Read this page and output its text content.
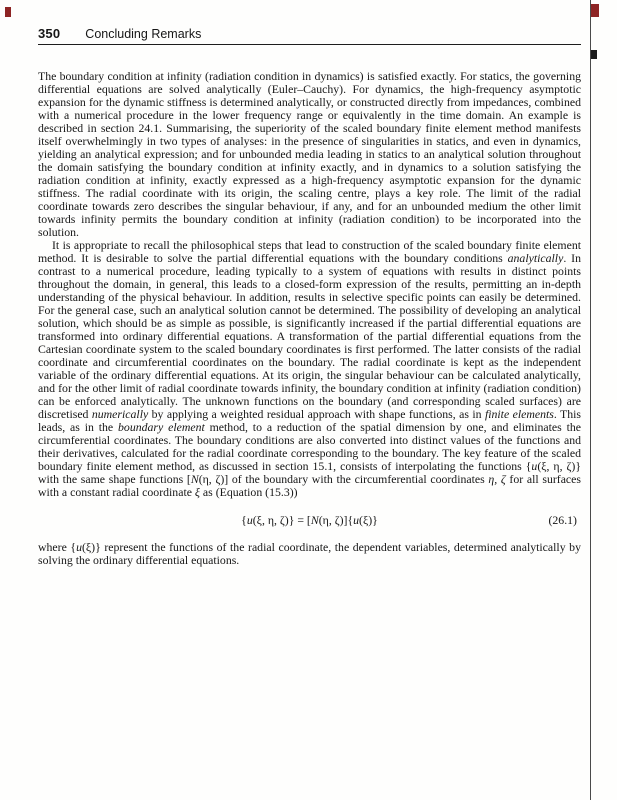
350 Concluding Remarks

The boundary condition at infinity (radiation condition in dynamics) is satisfied exactly. For statics, the governing differential equations are solved analytically (Euler–Cauchy). For dynamics, the high-frequency asymptotic expansion for the dynamic stiffness is determined analytically, or constructed directly from impedances, combined with a numerical procedure in the lower frequency range or equivalently in the time domain. An example is described in section 24.1. Summarising, the superiority of the scaled boundary finite element method manifests itself overwhelmingly in two types of analyses: in the presence of singularities in statics, and even in dynamics, yielding an analytical expression; and for unbounded media leading in statics to an analytical solution throughout the domain satisfying the boundary condition at infinity exactly, and in dynamics to a solution satisfying the radiation condition at infinity, exactly expressed as a high-frequency asymptotic expansion for the dynamic stiffness. The radial coordinate with its origin, the scaling centre, plays a key role. The limit of the radial coordinate towards zero describes the singular behaviour, if any, and for an unbounded medium the other limit towards infinity permits the boundary condition at infinity (radiation condition) to be incorporated into the solution.

It is appropriate to recall the philosophical steps that lead to construction of the scaled boundary finite element method. It is desirable to solve the partial differential equations with the boundary conditions analytically. In contrast to a numerical procedure, leading typically to a system of equations with results in distinct points throughout the domain, in general, this leads to a closed-form expression of the results, permitting an in-depth understanding of the physical behaviour. In addition, results in selective specific points can easily be determined. For the general case, such an analytical solution cannot be determined. The possibility of developing an analytical solution, which should be as simple as possible, is significantly increased if the partial differential equations are transformed into ordinary differential equations. A transformation of the partial differential equations from the Cartesian coordinate system to the scaled boundary coordinates is first performed. The latter consists of the radial coordinate and circumferential coordinates on the boundary. The radial coordinate is kept as the independent variable of the ordinary differential equations. At its origin, the singular behaviour can be calculated analytically, and for the other limit of radial coordinate towards infinity, the boundary condition at infinity (radiation condition) can be enforced analytically. The unknown functions on the boundary (and corresponding scaled surfaces) are discretised numerically by applying a weighted residual approach with shape functions, as in finite elements. This leads, as in the boundary element method, to a reduction of the spatial dimension by one, and eliminates the circumferential coordinates. The boundary conditions are also converted into distinct values of the functions and their derivatives, calculated for the radial coordinate corresponding to the boundary. The key feature of the scaled boundary finite element method, as discussed in section 15.1, consists of interpolating the functions {u(ξ, η, ζ)} with the same shape functions [N(η, ζ)] of the boundary with the circumferential coordinates η, ζ for all surfaces with a constant radial coordinate ξ as (Equation (15.3))

{u(ξ, η, ζ)} = [N(η, ζ)]{u(ξ)}	(26.1)

where {u(ξ)} represent the functions of the radial coordinate, the dependent variables, determined analytically by solving the ordinary differential equations.
